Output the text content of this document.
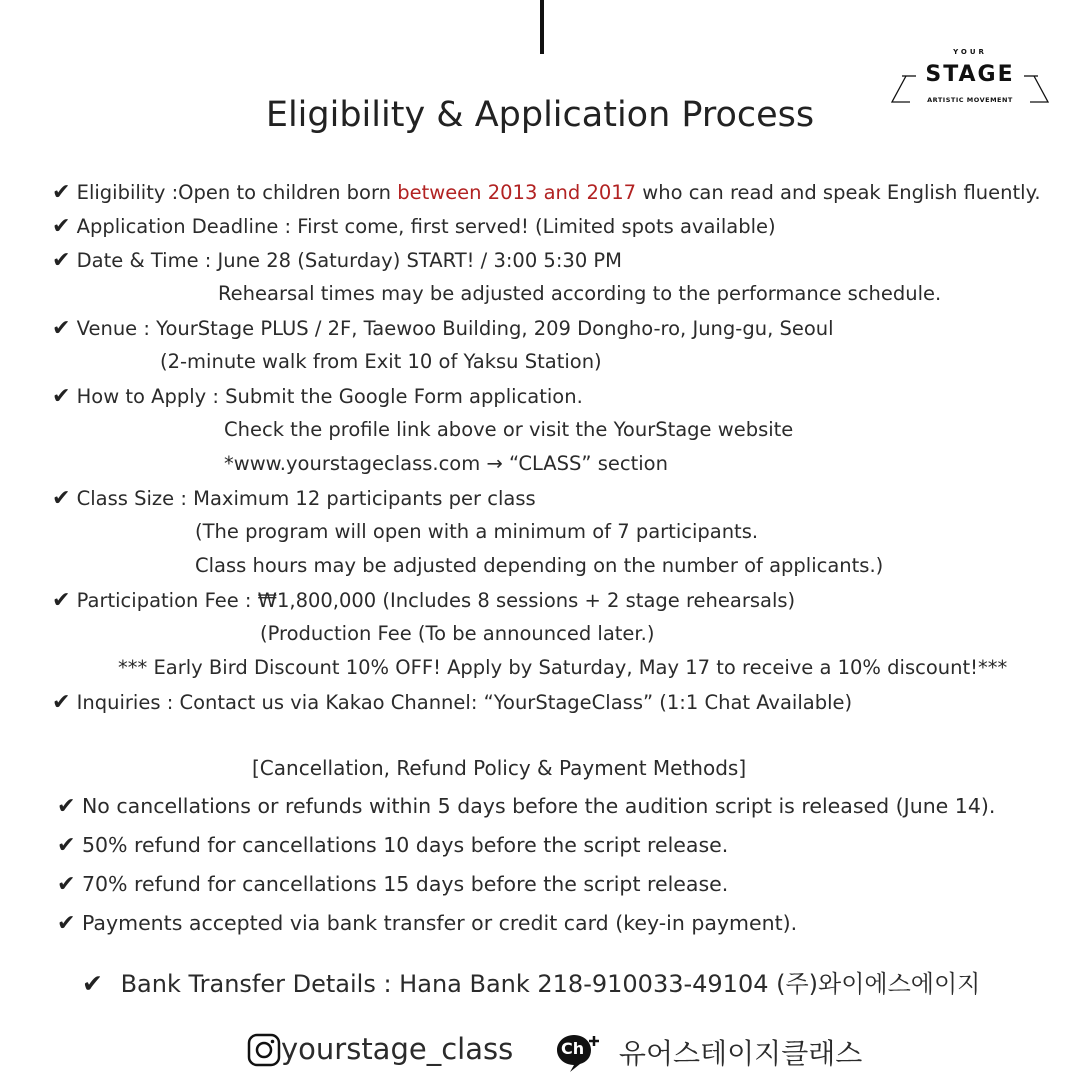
YOUR
STAGE
ARTISTIC MOVEMENT
Eligibility & Application Process
✔ Eligibility :Open to children born between 2013 and 2017 who can read and speak English fluently.
✔ Application Deadline : First come, first served! (Limited spots available)
✔ Date & Time : June 28 (Saturday) START! / 3:00 5:30 PM
Rehearsal times may be adjusted according to the performance schedule.
✔ Venue : YourStage PLUS / 2F, Taewoo Building, 209 Dongho-ro, Jung-gu, Seoul
(2-minute walk from Exit 10 of Yaksu Station)
✔ How to Apply : Submit the Google Form application.
Check the profile link above or visit the YourStage website
*www.yourstageclass.com → “CLASS” section
✔ Class Size : Maximum 12 participants per class
(The program will open with a minimum of 7 participants.
Class hours may be adjusted depending on the number of applicants.)
✔ Participation Fee : ₩1,800,000 (Includes 8 sessions + 2 stage rehearsals)
(Production Fee (To be announced later.)
*** Early Bird Discount 10% OFF! Apply by Saturday, May 17 to receive a 10% discount!***
✔ Inquiries : Contact us via Kakao Channel: “YourStageClass” (1:1 Chat Available)
[Cancellation, Refund Policy & Payment Methods]
✔ No cancellations or refunds within 5 days before the audition script is released (June 14).
✔ 50% refund for cancellations 10 days before the script release.
✔ 70% refund for cancellations 15 days before the script release.
✔ Payments accepted via bank transfer or credit card (key-in payment).
✔ Bank Transfer Details : Hana Bank 218-910033-49104 (주)와이에스에이지
yourstage_class	Ch 유어스테이지클래스
